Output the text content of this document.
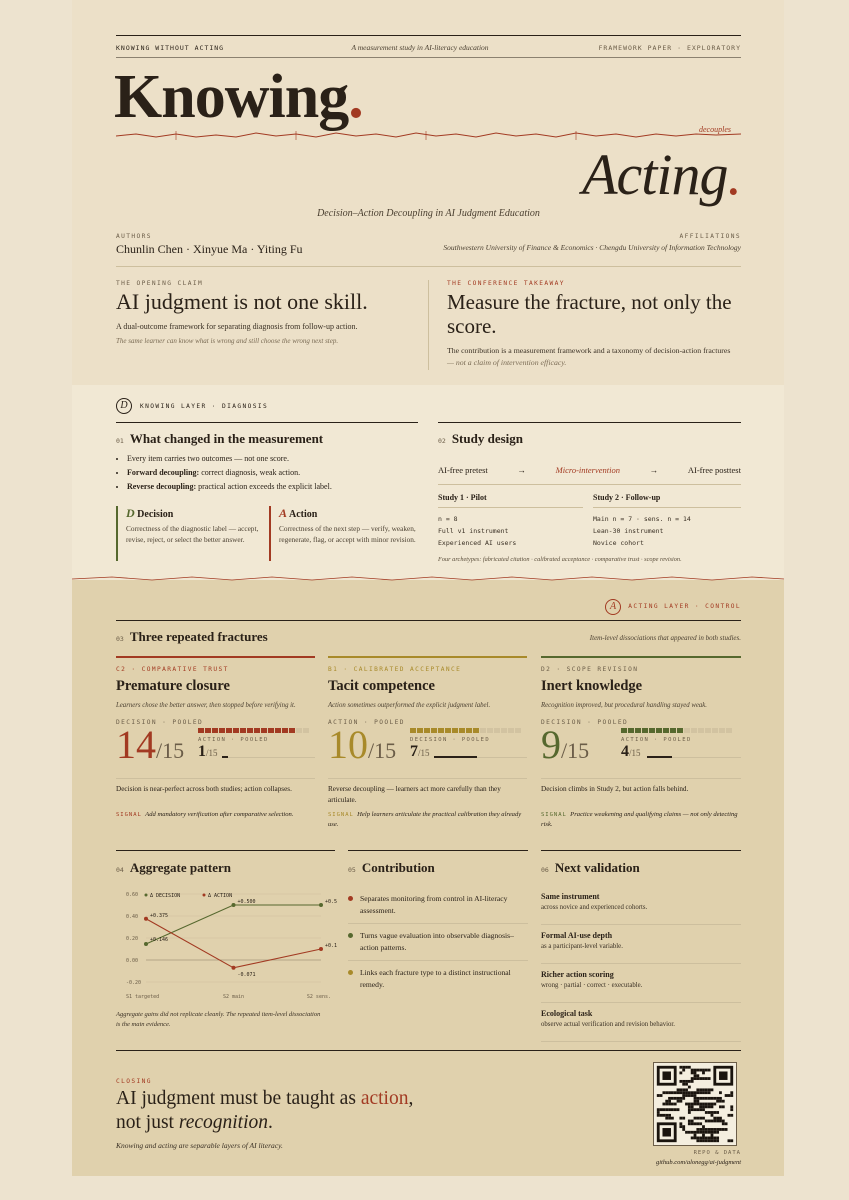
KNOWING WITHOUT ACTING	A measurement study in AI-literacy education	FRAMEWORK PAPER · EXPLORATORY
Knowing.	decouples
Acting.
Decision–Action Decoupling in AI Judgment Education
AUTHORS
Chunlin Chen · Xinyue Ma · Yiting Fu
AFFILIATIONS
Southwestern University of Finance & Economics · Chengdu University of Information Technology
THE OPENING CLAIM
AI judgment is not one skill.
A dual-outcome framework for separating diagnosis from follow-up action.
The same learner can know what is wrong and still choose the wrong next step.
THE CONFERENCE TAKEAWAY
Measure the fracture, not only the score.
The contribution is a measurement framework and a taxonomy of decision-action fractures — not a claim of intervention efficacy.
D	KNOWING LAYER · DIAGNOSIS
01 What changed in the measurement
• Every item carries two outcomes — not one score.
• Forward decoupling: correct diagnosis, weak action.
• Reverse decoupling: practical action exceeds the explicit label.
D Decision
Correctness of the diagnostic label — accept, revise, reject, or select the better answer.
A Action
Correctness of the next step — verify, weaken, regenerate, flag, or accept with minor revision.
02 Study design
AI-free pretest	→	Micro-intervention	→	AI-free posttest
Study 1 · Pilot
n = 8
Full v1 instrument
Experienced AI users
Study 2 · Follow-up
Main n = 7 · sens. n = 14
Lean-30 instrument
Novice cohort
Four archetypes: fabricated citation · calibrated acceptance · comparative trust · scope revision.
A	ACTING LAYER · CONTROL
03 Three repeated fractures	Item-level dissociations that appeared in both studies.
C2 · COMPARATIVE TRUST
Premature closure
Learners chose the better answer, then stopped before verifying it.
DECISION · POOLED
14/15	ACTION · POOLED
1/15
Decision is near-perfect across both studies; action collapses.
SIGNAL Add mandatory verification after comparative selection.
B1 · CALIBRATED ACCEPTANCE
Tacit competence
Action sometimes outperformed the explicit judgment label.
ACTION · POOLED
10/15	DECISION · POOLED
7/15
Reverse decoupling — learners act more carefully than they articulate.
SIGNAL Help learners articulate the practical calibration they already use.
D2 · SCOPE REVISION
Inert knowledge
Recognition improved, but procedural handling stayed weak.
DECISION · POOLED
9/15	ACTION · POOLED
4/15
Decision climbs in Study 2, but action falls behind.
SIGNAL Practice weakening and qualifying claims — not only detecting risk.
04 Aggregate pattern
0.60
0.40
0.20
0.00
-0.20
S1 targeted	S2 main	S2 sens.
+0.146
+0.500	+0.5
Δ DECISION
+0.375
-0.071
+0.1
Δ ACTION
Aggregate gains did not replicate cleanly. The repeated item-level dissociation is the main evidence.
05 Contribution
Separates monitoring from control in AI-literacy assessment.
Turns vague evaluation into observable diagnosis–action patterns.
Links each fracture type to a distinct instructional remedy.
06 Next validation
Same instrument
across novice and experienced cohorts.
Formal AI-use depth
as a participant-level variable.
Richer action scoring
wrong · partial · correct · executable.
Ecological task
observe actual verification and revision behavior.
CLOSING
AI judgment must be taught as action,
not just recognition.
Knowing and acting are separable layers of AI literacy.
REPO & DATA
github.com/alonegg/ai-judgment
